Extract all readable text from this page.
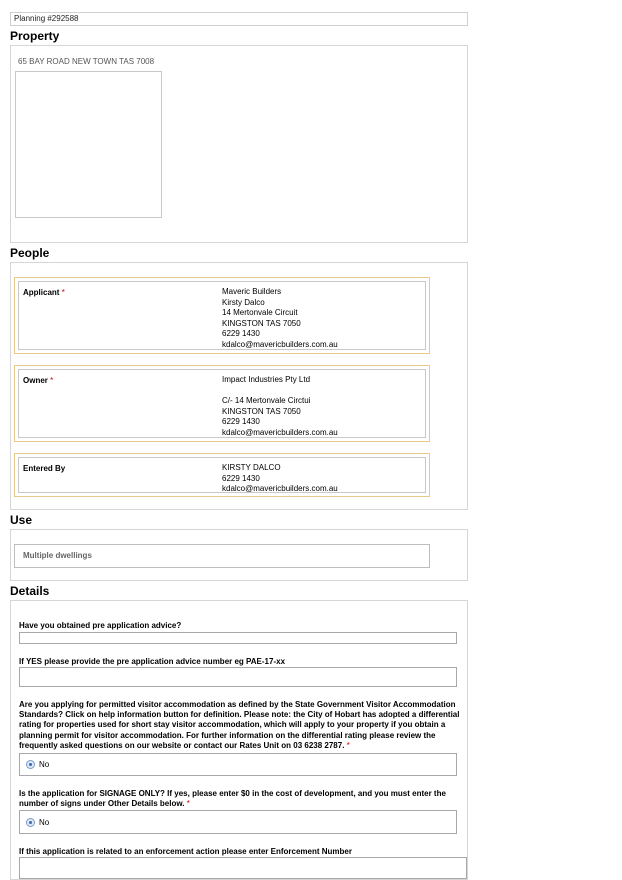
Planning #292588
Property
65 BAY ROAD NEW TOWN TAS 7008
People
Applicant *	Maveric Builders
Kirsty Dalco
14 Mertonvale Circuit
KINGSTON TAS 7050
6229 1430
kdalco@mavericbuilders.com.au
Owner *	Impact Industries Pty Ltd
C/- 14 Mertonvale Circtui
KINGSTON TAS 7050
6229 1430
kdalco@mavericbuilders.com.au
Entered By	KIRSTY DALCO
6229 1430
kdalco@mavericbuilders.com.au
Use
Multiple dwellings
Details
Have you obtained pre application advice?
If YES please provide the pre application advice number eg PAE-17-xx
Are you applying for permitted visitor accommodation as defined by the State Government Visitor Accommodation
Standards? Click on help information button for definition. Please note: the City of Hobart has adopted a differential
rating for properties used for short stay visitor accommodation, which will apply to your property if you obtain a
planning permit for visitor accommodation. For further information on the differential rating please review the
frequently asked questions on our website or contact our Rates Unit on 03 6238 2787. *
No
Is the application for SIGNAGE ONLY? If yes, please enter $0 in the cost of development, and you must enter the
number of signs under Other Details below. *
No
If this application is related to an enforcement action please enter Enforcement Number
